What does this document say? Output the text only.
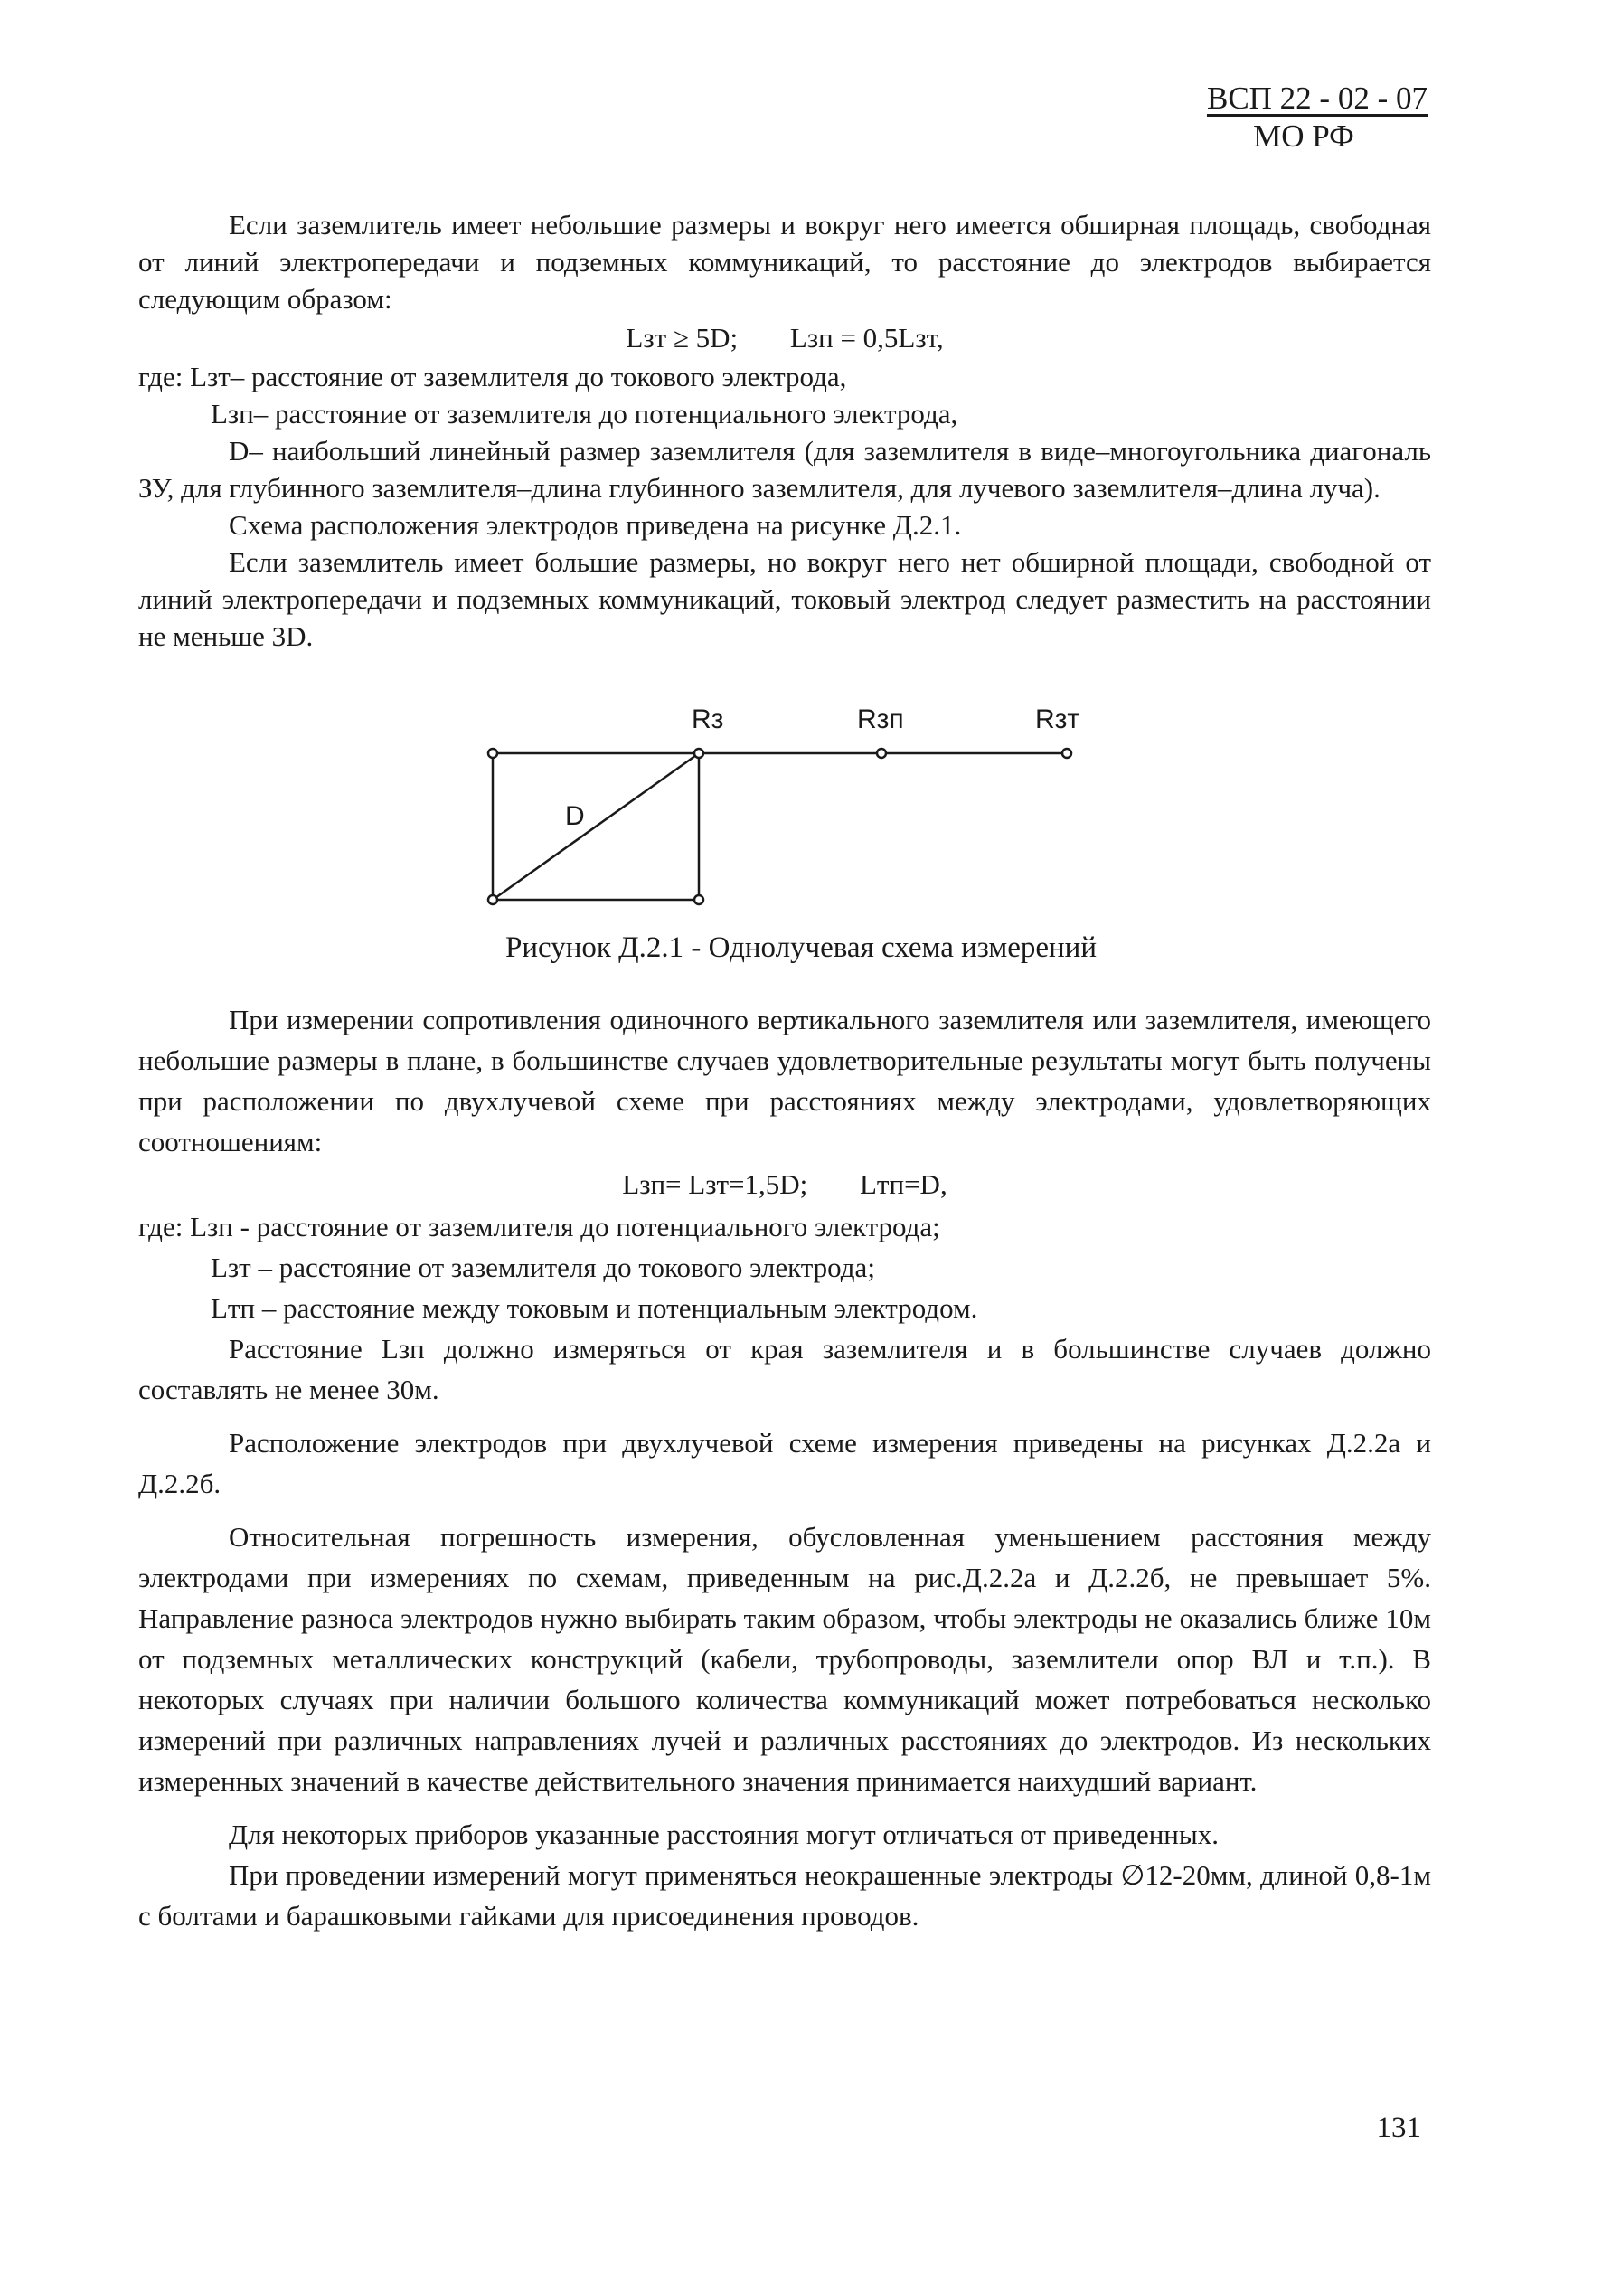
ВСП 22 - 02 - 07
МО РФ

Если заземлитель имеет небольшие размеры и вокруг него имеется обширная площадь, свободная от линий электропередачи и подземных коммуникаций, то расстояние до электродов выбирается следующим образом:

Lзт ≥ 5D; Lзп = 0,5Lзт,

где: Lзт– расстояние от заземлителя до токового электрода,

Lзп– расстояние от заземлителя до потенциального электрода,

D– наибольший линейный размер заземлителя (для заземлителя в виде–многоугольника диагональ ЗУ, для глубинного заземлителя–длина глубинного заземлителя, для лучевого заземлителя–длина луча).

Схема расположения электродов приведена на рисунке Д.2.1.

Если заземлитель имеет большие размеры, но вокруг него нет обширной площади, свободной от линий электропередачи и подземных коммуникаций, токовый электрод следует разместить на расстоянии не меньше 3D.

Rз	Rзп	Rзт
D
Рисунок Д.2.1 - Однолучевая схема измерений

При измерении сопротивления одиночного вертикального заземлителя или заземлителя, имеющего небольшие размеры в плане, в большинстве случаев удовлетворительные результаты могут быть получены при расположении по двухлучевой схеме при расстояниях между электродами, удовлетворяющих соотношениям:

Lзп= Lзт=1,5D; Lтп=D,

где: Lзп - расстояние от заземлителя до потенциального электрода;

Lзт – расстояние от заземлителя до токового электрода;

Lтп – расстояние между токовым и потенциальным электродом.

Расстояние Lзп должно измеряться от края заземлителя и в большинстве случаев должно составлять не менее 30м.

Расположение электродов при двухлучевой схеме измерения приведены на рисунках Д.2.2а и Д.2.2б.

Относительная погрешность измерения, обусловленная уменьшением расстояния между электродами при измерениях по схемам, приведенным на рис.Д.2.2а и Д.2.2б, не превышает 5%. Направление разноса электродов нужно выбирать таким образом, чтобы электроды не оказались ближе 10м от подземных металлических конструкций (кабели, трубопроводы, заземлители опор ВЛ и т.п.). В некоторых случаях при наличии большого количества коммуникаций может потребоваться несколько измерений при различных направлениях лучей и различных расстояниях до электродов. Из нескольких измеренных значений в качестве действительного значения принимается наихудший вариант.

Для некоторых приборов указанные расстояния могут отличаться от приведенных.

При проведении измерений могут применяться неокрашенные электроды ∅12-20мм, длиной 0,8-1м с болтами и барашковыми гайками для присоединения проводов.

131
